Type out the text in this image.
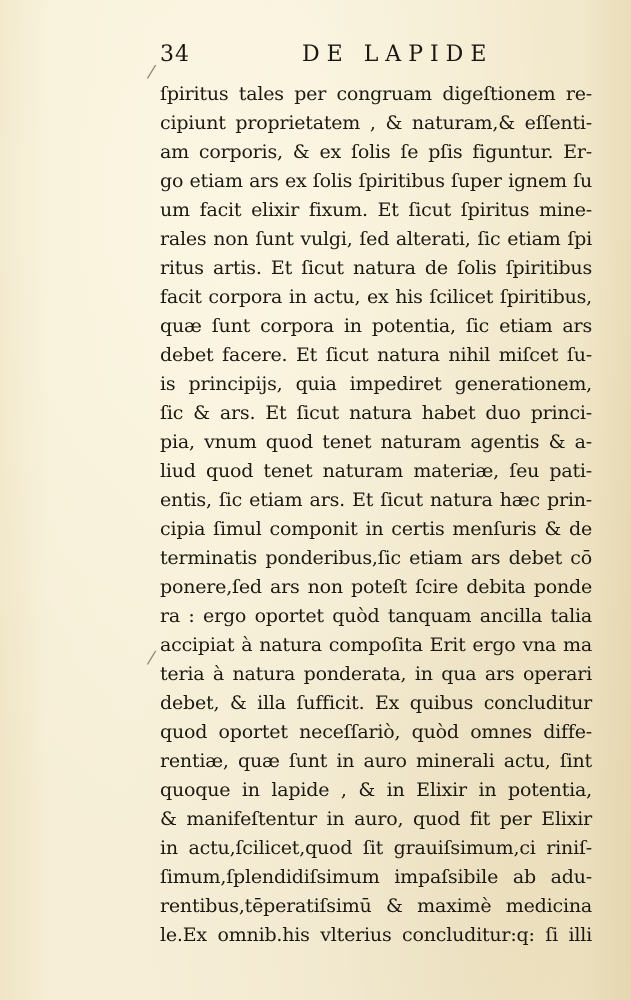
⁄
⁄
34	DE LAPIDE
ſpiritus tales per congruam digeſtionem re-
cipiunt proprietatem , & naturam,& eſſenti-
am corporis, & ex ſolis ſe pſis figuntur. Er-
go etiam ars ex ſolis ſpiritibus ſuper ignem ſu
um facit elixir fixum. Et ſicut ſpiritus mine-
rales non ſunt vulgi, ſed alterati, ſic etiam ſpi
ritus artis. Et ſicut natura de ſolis ſpiritibus
facit corpora in actu, ex his ſcilicet ſpiritibus,
quæ ſunt corpora in potentia, ſic etiam ars
debet facere. Et ſicut natura nihil miſcet ſu-
is principijs, quia impediret generationem,
ſic & ars. Et ſicut natura habet duo princi-
pia, vnum quod tenet naturam agentis & a-
liud quod tenet naturam materiæ, ſeu pati-
entis, ſic etiam ars. Et ſicut natura hæc prin-
cipia ſimul componit in certis menſuris & de
terminatis ponderibus,ſic etiam ars debet cō
ponere,ſed ars non poteſt ſcire debita ponde
ra : ergo oportet quòd tanquam ancilla talia
accipiat à natura compoſita Erit ergo vna ma
teria à natura ponderata, in qua ars operari
debet, & illa ſufficit. Ex quibus concluditur
quod oportet neceſſariò, quòd omnes diffe-
rentiæ, quæ ſunt in auro minerali actu, ſint
quoque in lapide , & in Elixir in potentia,
& manifeſtentur in auro, quod fit per Elixir
in actu,ſcilicet,quod ſit grauiſsimum,ci riniſ-
ſimum,ſplendidiſsimum impaſsibile ab adu-
rentibus,tēperatiſsimū & maximè medicina
le.Ex omnib.his vlterius concluditur:q: ſi illi
